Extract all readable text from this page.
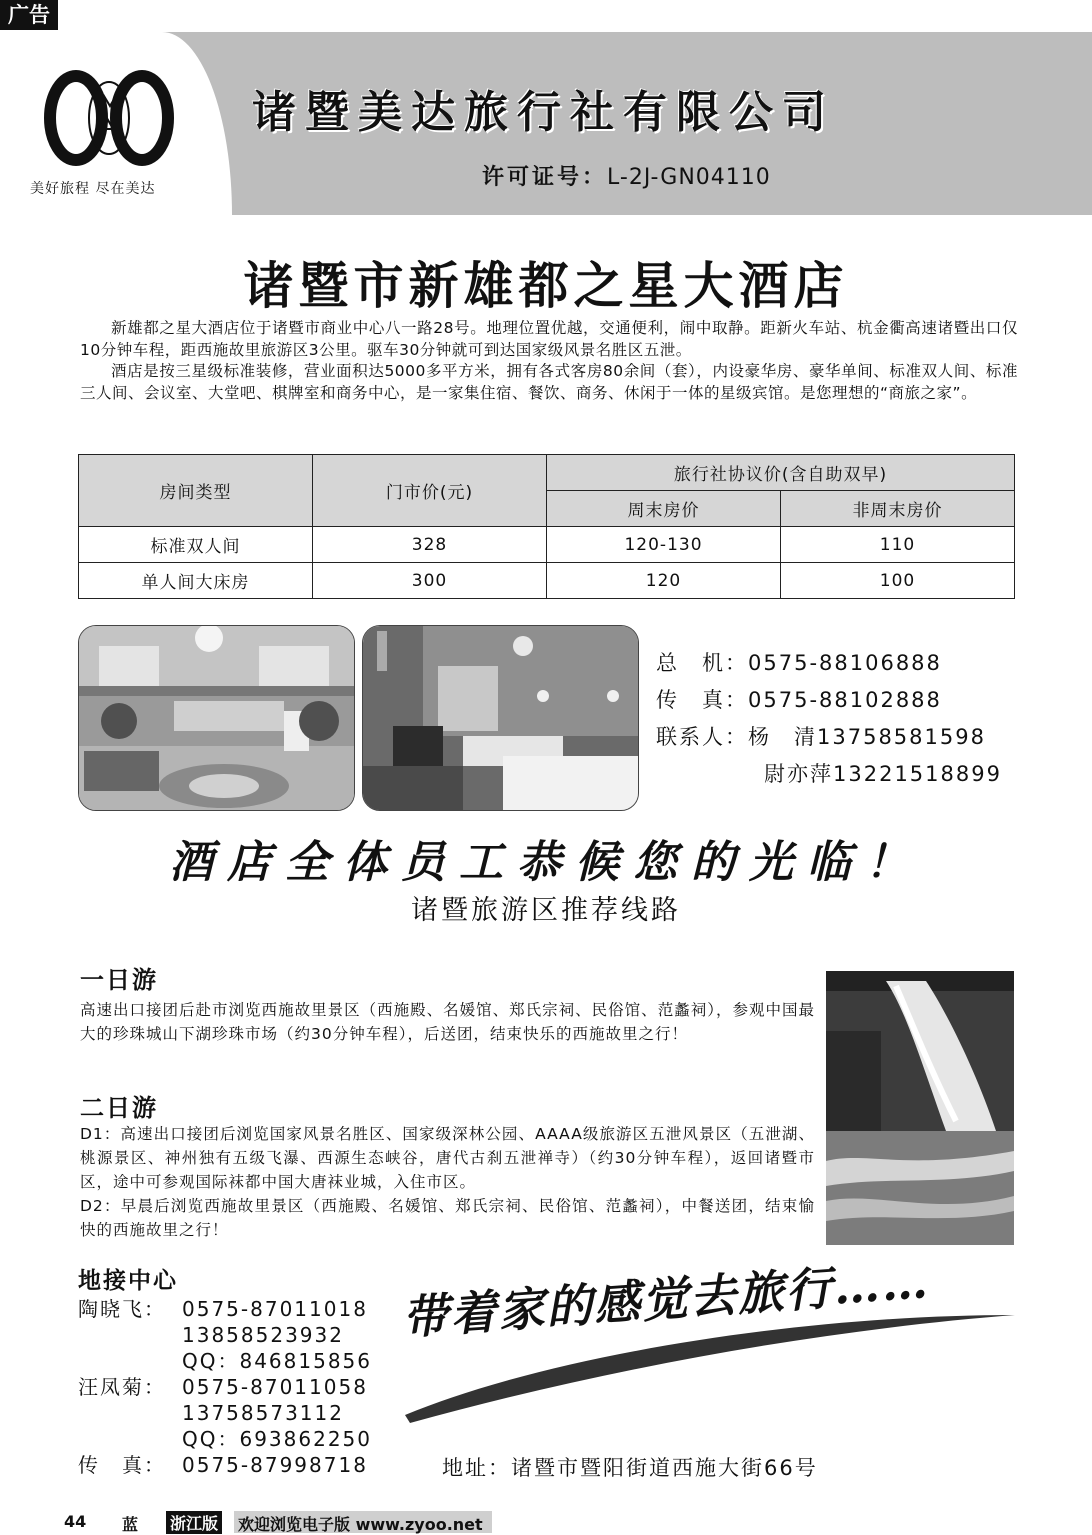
广告
美好旅程 尽在美达
诸暨美达旅行社有限公司
许可证号：L-2J-GN04110
诸暨市新雄都之星大酒店

新雄都之星大酒店位于诸暨市商业中心八一路28号。地理位置优越，交通便利，闹中取静。距新火车站、杭金衢高速诸暨出口仅10分钟车程，距西施故里旅游区3公里。驱车30分钟就可到达国家级风景名胜区五泄。

酒店是按三星级标准装修，营业面积达5000多平方米，拥有各式客房80余间（套），内设豪华房、豪华单间、标准双人间、标准三人间、会议室、大堂吧、棋牌室和商务中心，是一家集住宿、餐饮、商务、休闲于一体的星级宾馆。是您理想的“商旅之家”。

房间类型	门市价(元)	旅行社协议价(含自助双早)	
		周末房价	非周末房价
标准双人间	328	120-130	110
单人间大床房	300	120	100
总　机：0575-88106888
传　真：0575-88102888
联系人：杨　清13758581598
尉亦萍13221518899
酒店全体员工恭候您的光临！
诸暨旅游区推荐线路
一日游

高速出口接团后赴市浏览西施故里景区（西施殿、名媛馆、郑氏宗祠、民俗馆、范蠡祠），参观中国最大的珍珠城山下湖珍珠市场（约30分钟车程），后送团，结束快乐的西施故里之行！

二日游

D1：高速出口接团后浏览国家风景名胜区、国家级深林公园、AAAA级旅游区五泄风景区（五泄湖、桃源景区、神州独有五级飞瀑、西源生态峡谷，唐代古刹五泄禅寺）（约30分钟车程），返回诸暨市区，途中可参观国际袜都中国大唐袜业城，入住市区。

D2：早晨后浏览西施故里景区（西施殿、名媛馆、郑氏宗祠、民俗馆、范蠡祠），中餐送团，结束愉快的西施故里之行！

地接中心
陶晓飞： 0575-87011018
13858523932
QQ：846815856
汪凤菊： 0575-87011058
13758573112
QQ：693862250
传　真： 0575-87998718
带着家的感觉去旅行……
地址：诸暨市暨阳街道西施大街66号
44 蓝 浙江版 欢迎浏览电子版 www.zyoo.net
